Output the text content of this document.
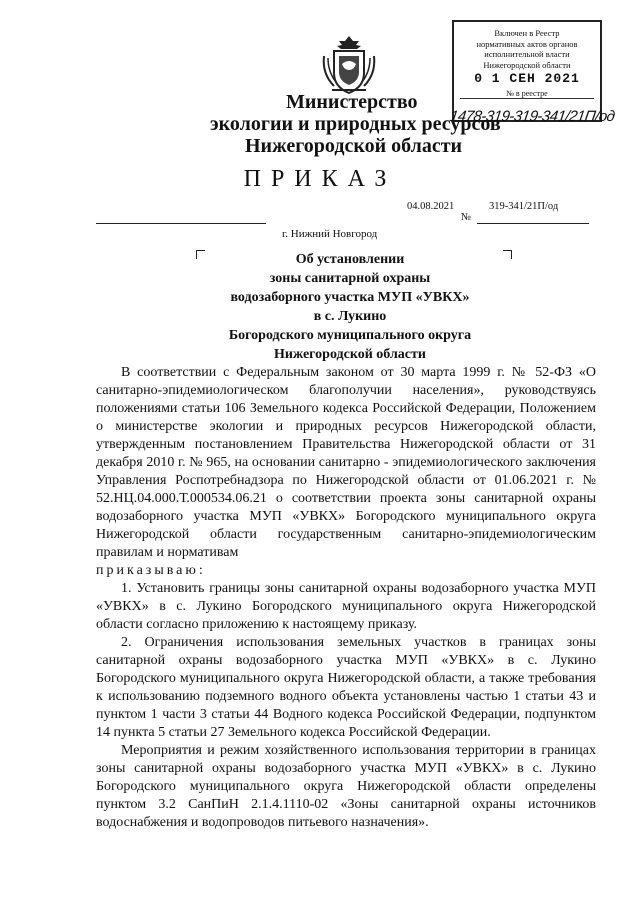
Включен в Реестр
нормативных актов органов
исполнительной власти
Нижегородской области
0 1 СЕН 2021
№ в реестре
1478-319-319-341/21П/од
Министерство
экологии и природных ресурсов
Нижегородской области
ПРИКАЗ
04.08.2021	319-341/21П/од
№
г. Нижний Новгород
Об установлении
зоны санитарной охраны
водозаборного участка МУП «УВКХ»
в с. Лукино
Богородского муниципального округа
Нижегородской области

В соответствии с Федеральным законом от 30 марта 1999 г. № 52-ФЗ «О санитарно-эпидемиологическом благополучии населения», руководствуясь положениями статьи 106 Земельного кодекса Российской Федерации, Положением о министерстве экологии и природных ресурсов Нижегородской области, утвержденным постановлением Правительства Нижегородской области от 31 декабря 2010 г. № 965, на основании санитарно - эпидемиологического заключения Управления Роспотребнадзора по Нижегородской области от 01.06.2021 г. № 52.НЦ.04.000.Т.000534.06.21 о соответствии проекта зоны санитарной охраны водозаборного участка МУП «УВКХ» Богородского муниципального округа Нижегородской области государственным санитарно-эпидемиологическим правилам и нормативам

приказываю:

1. Установить границы зоны санитарной охраны водозаборного участка МУП «УВКХ» в с. Лукино Богородского муниципального округа Нижегородской области согласно приложению к настоящему приказу.

2. Ограничения использования земельных участков в границах зоны санитарной охраны водозаборного участка МУП «УВКХ» в с. Лукино Богородского муниципального округа Нижегородской области, а также требования к использованию подземного водного объекта установлены частью 1 статьи 43 и пунктом 1 части 3 статьи 44 Водного кодекса Российской Федерации, подпунктом 14 пункта 5 статьи 27 Земельного кодекса Российской Федерации.

Мероприятия и режим хозяйственного использования территории в границах зоны санитарной охраны водозаборного участка МУП «УВКХ» в с. Лукино Богородского муниципального округа Нижегородской области определены пунктом 3.2 СанПиН 2.1.4.1110-02 «Зоны санитарной охраны источников водоснабжения и водопроводов питьевого назначения».
